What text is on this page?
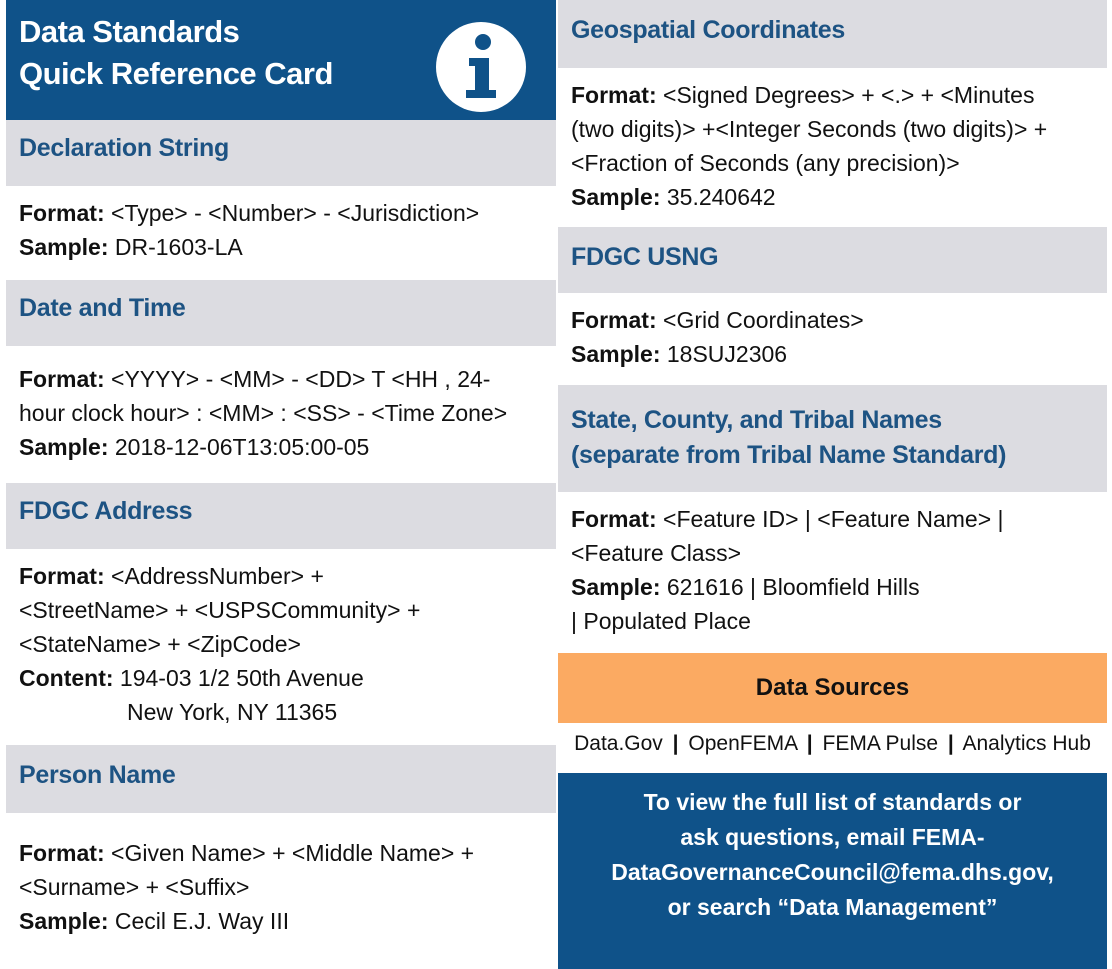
Data Standards
Quick Reference Card
Declaration String
Format: <Type> - <Number> - <Jurisdiction>
Sample: DR-1603-LA
Date and Time
Format: <YYYY> - <MM> - <DD> T <HH , 24-
hour clock hour> : <MM> : <SS> - <Time Zone>
Sample: 2018-12-06T13:05:00-05
FDGC Address
Format: <AddressNumber> +
<StreetName> + <USPSCommunity> +
<StateName> + <ZipCode>
Content: 194-03 1/2 50th Avenue
New York, NY 11365
Person Name
Format: <Given Name> + <Middle Name> +
<Surname> + <Suffix>
Sample: Cecil E.J. Way III
Geospatial Coordinates
Format: <Signed Degrees> + <.> + <Minutes
(two digits)> +<Integer Seconds (two digits)> +
<Fraction of Seconds (any precision)>
Sample: 35.240642
FDGC USNG
Format: <Grid Coordinates>
Sample: 18SUJ2306
State, County, and Tribal Names
(separate from Tribal Name Standard)
Format: <Feature ID> | <Feature Name> |
<Feature Class>
Sample: 621616 | Bloomfield Hills
| Populated Place
Data Sources
Data.Gov | OpenFEMA | FEMA Pulse | Analytics Hub
To view the full list of standards or
ask questions, email FEMA-
DataGovernanceCouncil@fema.dhs.gov,
or search “Data Management”
